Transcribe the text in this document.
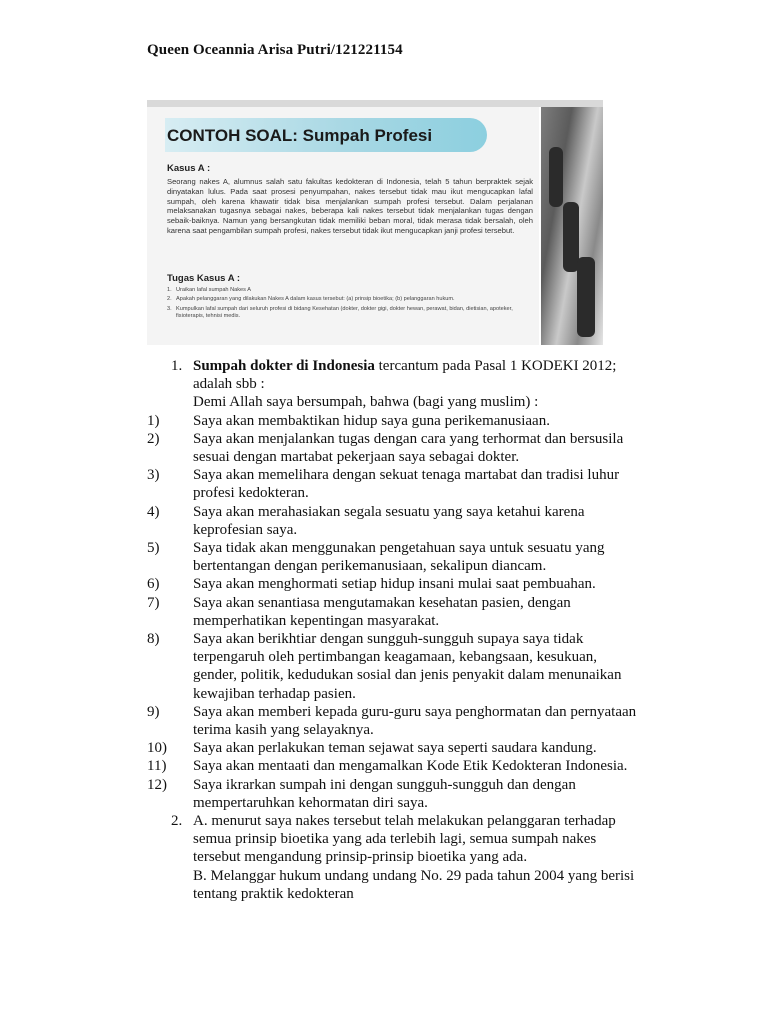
Queen Oceannia Arisa Putri/121221154
CONTOH SOAL: Sumpah Profesi
Kasus A :
Seorang nakes A, alumnus salah satu fakultas kedokteran di Indonesia, telah 5 tahun berpraktek sejak dinyatakan lulus. Pada saat prosesi penyumpahan, nakes tersebut tidak mau ikut mengucapkan lafal sumpah, oleh karena khawatir tidak bisa menjalankan sumpah profesi tersebut. Dalam perjalanan melaksanakan tugasnya sebagai nakes, beberapa kali nakes tersebut tidak menjalankan tugas dengan sebaik-baiknya. Namun yang bersangkutan tidak memiliki beban moral, tidak merasa tidak bersalah, oleh karena saat pengambilan sumpah profesi, nakes tersebut tidak ikut mengucapkan janji profesi tersebut.
Tugas Kasus A :
1. Uraikan lafal sumpah Nakes A
2. Apakah pelanggaran yang dilakukan Nakes A dalam kasus tersebut: (a) prinsip bioetika; (b) pelanggaran hukum.
3. Kumpulkan lafal sumpah dari seluruh profesi di bidang Kesehatan (dokter, dokter gigi, dokter hewan, perawat, bidan, dietisian, apoteker, fisioterapis, tehnisi medis.
1. Sumpah dokter di Indonesia tercantum pada Pasal 1 KODEKI 2012;
adalah sbb :
Demi Allah saya bersumpah, bahwa (bagi yang muslim) :
1)	Saya akan membaktikan hidup saya guna perikemanusiaan.
2)	Saya akan menjalankan tugas dengan cara yang terhormat dan bersusila
sesuai dengan martabat pekerjaan saya sebagai dokter.
3)	Saya akan memelihara dengan sekuat tenaga martabat dan tradisi luhur
profesi kedokteran.
4)	Saya akan merahasiakan segala sesuatu yang saya ketahui karena
keprofesian saya.
5)	Saya tidak akan menggunakan pengetahuan saya untuk sesuatu yang
bertentangan dengan perikemanusiaan, sekalipun diancam.
6)	Saya akan menghormati setiap hidup insani mulai saat pembuahan.
7)	Saya akan senantiasa mengutamakan kesehatan pasien, dengan
memperhatikan kepentingan masyarakat.
8)	Saya akan berikhtiar dengan sungguh-sungguh supaya saya tidak
terpengaruh oleh pertimbangan keagamaan, kebangsaan, kesukuan,
gender, politik, kedudukan sosial dan jenis penyakit dalam menunaikan
kewajiban terhadap pasien.
9)	Saya akan memberi kepada guru-guru saya penghormatan dan pernyataan
terima kasih yang selayaknya.
10)	Saya akan perlakukan teman sejawat saya seperti saudara kandung.
11)	Saya akan mentaati dan mengamalkan Kode Etik Kedokteran Indonesia.
12)	Saya ikrarkan sumpah ini dengan sungguh-sungguh dan dengan
mempertaruhkan kehormatan diri saya.
2. A. menurut saya nakes tersebut telah melakukan pelanggaran terhadap
semua prinsip bioetika yang ada terlebih lagi, semua sumpah nakes
tersebut mengandung prinsip-prinsip bioetika yang ada.
B. Melanggar hukum undang undang No. 29 pada tahun 2004 yang berisi
tentang praktik kedokteran
